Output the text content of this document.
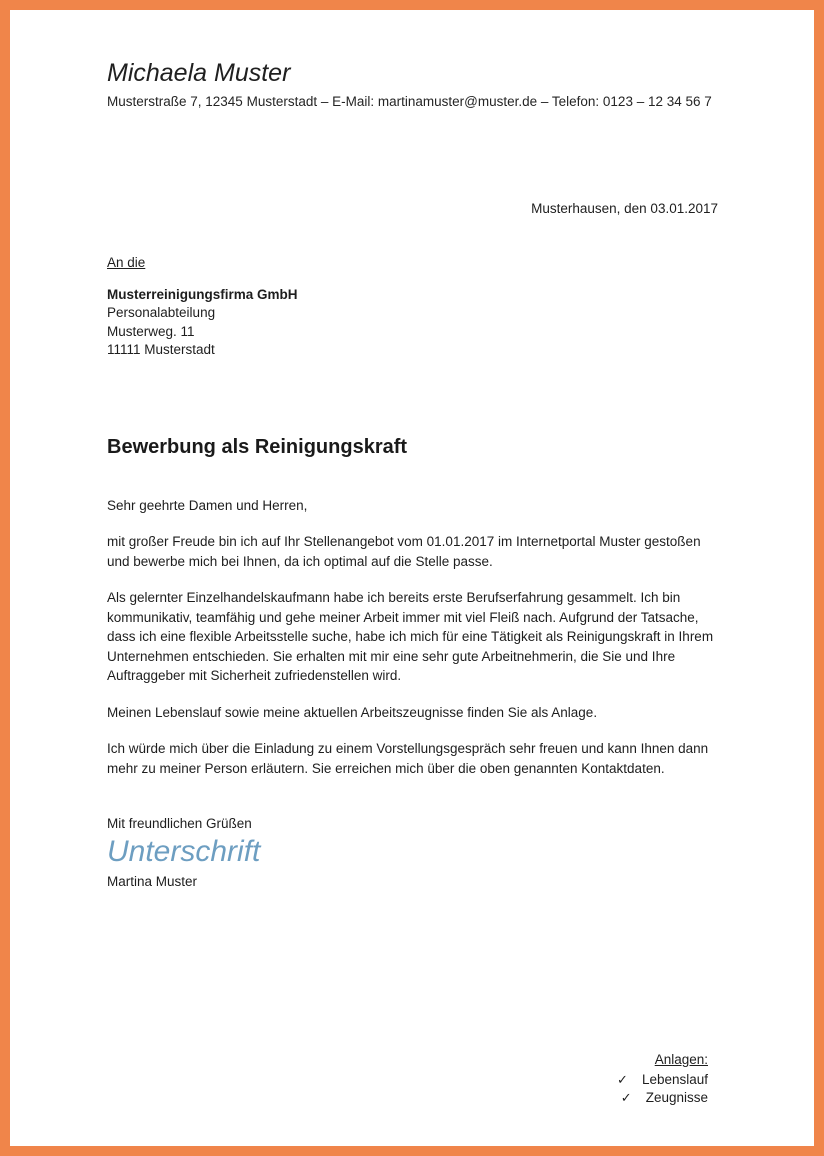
Michaela Muster
Musterstraße 7, 12345 Musterstadt – E-Mail: martinamuster@muster.de – Telefon: 0123 – 12 34 56 7
Musterhausen, den 03.01.2017
An die
Musterreinigungsfirma GmbH
Personalabteilung
Musterweg. 11
11111 Musterstadt
Bewerbung als Reinigungskraft

Sehr geehrte Damen und Herren,

mit großer Freude bin ich auf Ihr Stellenangebot vom 01.01.2017 im Internetportal Muster gestoßen und bewerbe mich bei Ihnen, da ich optimal auf die Stelle passe.

Als gelernter Einzelhandelskaufmann habe ich bereits erste Berufserfahrung gesammelt. Ich bin kommunikativ, teamfähig und gehe meiner Arbeit immer mit viel Fleiß nach. Aufgrund der Tatsache, dass ich eine flexible Arbeitsstelle suche, habe ich mich für eine Tätigkeit als Reinigungskraft in Ihrem Unternehmen entschieden. Sie erhalten mit mir eine sehr gute Arbeitnehmerin, die Sie und Ihre Auftraggeber mit Sicherheit zufriedenstellen wird.

Meinen Lebenslauf sowie meine aktuellen Arbeitszeugnisse finden Sie als Anlage.

Ich würde mich über die Einladung zu einem Vorstellungsgespräch sehr freuen und kann Ihnen dann mehr zu meiner Person erläutern. Sie erreichen mich über die oben genannten Kontaktdaten.

Mit freundlichen Grüßen
Unterschrift
Martina Muster
Anlagen:
✓ Lebenslauf
✓ Zeugnisse
